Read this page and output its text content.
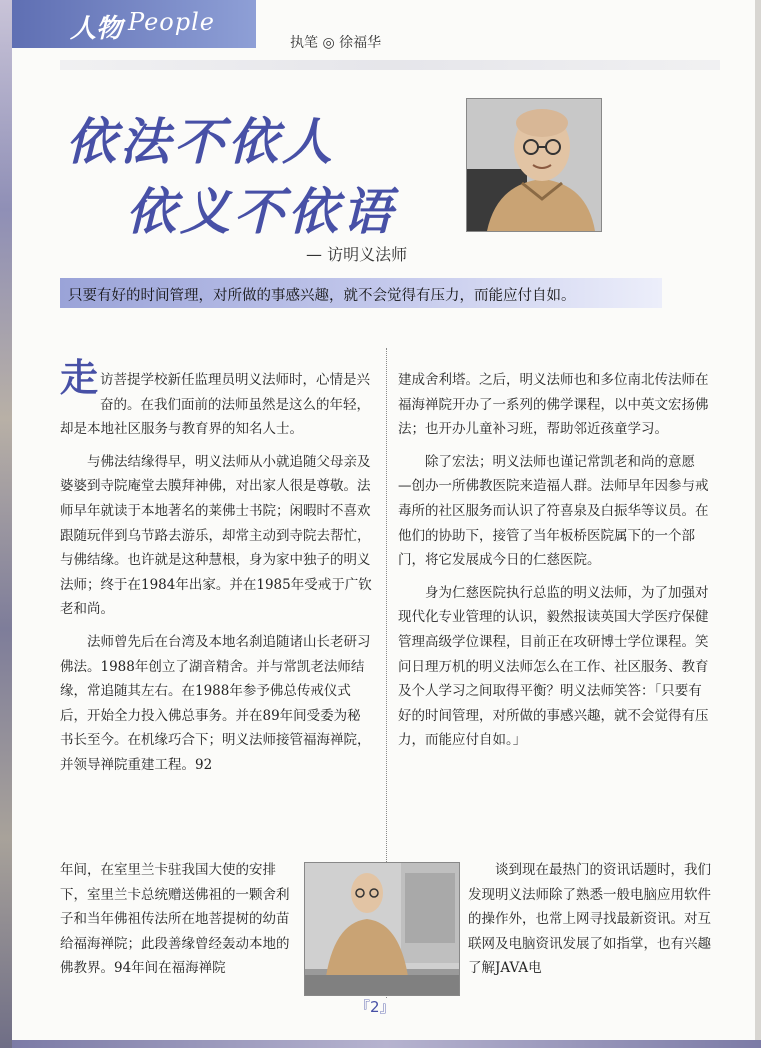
人物 People
执笔 ◎ 徐福华
依法不依人
依义不依语
— 访明义法师
只要有好的时间管理，对所做的事感兴趣，就不会觉得有压力，而能应付自如。

走访菩提学校新任监理员明义法师时，心情是兴奋的。在我们面前的法师虽然是这么的年轻，却是本地社区服务与教育界的知名人士。

与佛法结缘得早，明义法师从小就追随父母亲及婆婆到寺院庵堂去膜拜神佛，对出家人很是尊敬。法师早年就读于本地著名的莱佛士书院；闲暇时不喜欢跟随玩伴到乌节路去游乐，却常主动到寺院去帮忙，与佛结缘。也许就是这种慧根，身为家中独子的明义法师；终于在1984年出家。并在1985年受戒于广钦老和尚。

法师曾先后在台湾及本地名刹追随诸山长老研习佛法。1988年创立了湖音精舍。并与常凯老法师结缘，常追随其左右。在1988年参予佛总传戒仪式后，开始全力投入佛总事务。并在89年间受委为秘书长至今。在机缘巧合下；明义法师接管福海禅院，并领导禅院重建工程。92

建成舍利塔。之后，明义法师也和多位南北传法师在福海禅院开办了一系列的佛学课程，以中英文宏扬佛法；也开办儿童补习班，帮助邻近孩童学习。

除了宏法；明义法师也谨记常凯老和尚的意愿 —创办一所佛教医院来造福人群。法师早年因参与戒毒所的社区服务而认识了符喜泉及白振华等议员。在他们的协助下，接管了当年板桥医院属下的一个部门，将它发展成今日的仁慈医院。

身为仁慈医院执行总监的明义法师，为了加强对现代化专业管理的认识，毅然报读英国大学医疗保健管理高级学位课程，目前正在攻研博士学位课程。笑问日理万机的明义法师怎么在工作、社区服务、教育及个人学习之间取得平衡？明义法师笑答：「只要有好的时间管理，对所做的事感兴趣，就不会觉得有压力，而能应付自如。」

年间，在室里兰卡驻我国大使的安排下，室里兰卡总统赠送佛祖的一颗舍利子和当年佛祖传法所在地菩提树的幼苗给福海禅院；此段善缘曾经轰动本地的佛教界。94年间在福海禅院

谈到现在最热门的资讯话题时，我们发现明义法师除了熟悉一般电脑应用软件的操作外，也常上网寻找最新资讯。对互联网及电脑资讯发展了如指掌，也有兴趣了解JAVA电

『2』
